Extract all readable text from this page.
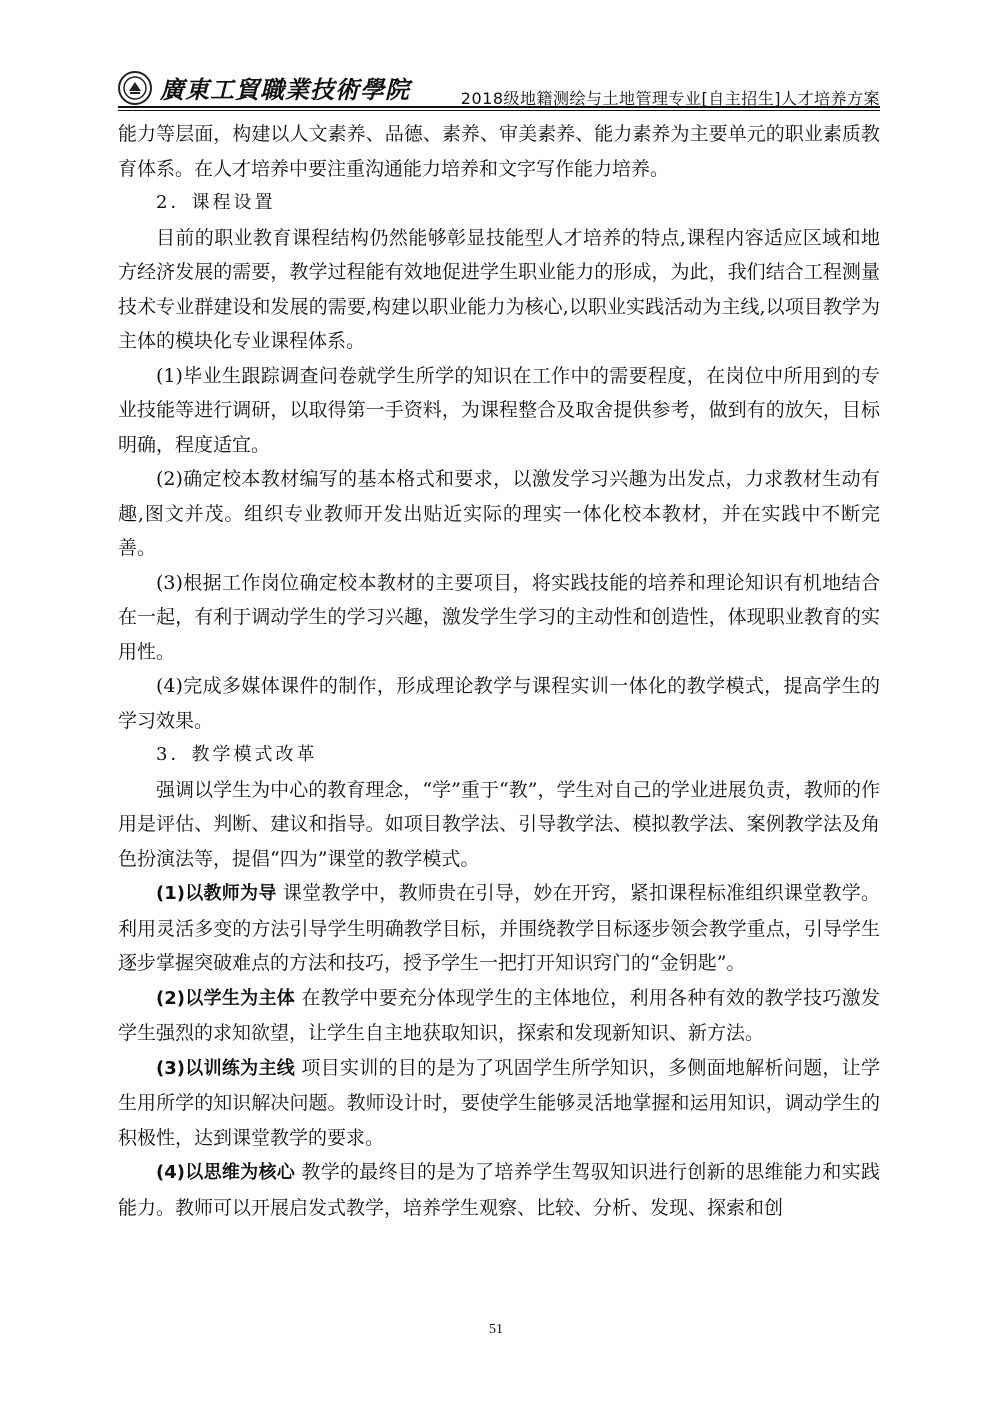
廣東工貿職業技術學院	2018级地籍测绘与土地管理专业[自主招生]人才培养方案

能力等层面，构建以人文素养、品德、素养、审美素养、能力素养为主要单元的职业素质教育体系。在人才培养中要注重沟通能力培养和文字写作能力培养。

2．课程设置

目前的职业教育课程结构仍然能够彰显技能型人才培养的特点,课程内容适应区域和地方经济发展的需要，教学过程能有效地促进学生职业能力的形成，为此，我们结合工程测量技术专业群建设和发展的需要,构建以职业能力为核心,以职业实践活动为主线,以项目教学为主体的模块化专业课程体系。

(1)毕业生跟踪调查问卷就学生所学的知识在工作中的需要程度，在岗位中所用到的专业技能等进行调研，以取得第一手资料，为课程整合及取舍提供参考，做到有的放矢，目标明确，程度适宜。

(2)确定校本教材编写的基本格式和要求，以激发学习兴趣为出发点，力求教材生动有趣,图文并茂。组织专业教师开发出贴近实际的理实一体化校本教材，并在实践中不断完善。

(3)根据工作岗位确定校本教材的主要项目，将实践技能的培养和理论知识有机地结合在一起，有利于调动学生的学习兴趣，激发学生学习的主动性和创造性，体现职业教育的实用性。

(4)完成多媒体课件的制作，形成理论教学与课程实训一体化的教学模式，提高学生的学习效果。

3．教学模式改革

强调以学生为中心的教育理念，“学”重于“教”，学生对自己的学业进展负责，教师的作用是评估、判断、建议和指导。如项目教学法、引导教学法、模拟教学法、案例教学法及角色扮演法等，提倡“四为”课堂的教学模式。

(1)以教师为导 课堂教学中，教师贵在引导，妙在开窍，紧扣课程标准组织课堂教学。利用灵活多变的方法引导学生明确教学目标，并围绕教学目标逐步领会教学重点，引导学生逐步掌握突破难点的方法和技巧，授予学生一把打开知识窍门的“金钥匙”。

(2)以学生为主体 在教学中要充分体现学生的主体地位，利用各种有效的教学技巧激发学生强烈的求知欲望，让学生自主地获取知识，探索和发现新知识、新方法。

(3)以训练为主线 项目实训的目的是为了巩固学生所学知识，多侧面地解析问题，让学生用所学的知识解决问题。教师设计时，要使学生能够灵活地掌握和运用知识，调动学生的积极性，达到课堂教学的要求。

(4)以思维为核心 教学的最终目的是为了培养学生驾驭知识进行创新的思维能力和实践能力。教师可以开展启发式教学，培养学生观察、比较、分析、发现、探索和创

51
